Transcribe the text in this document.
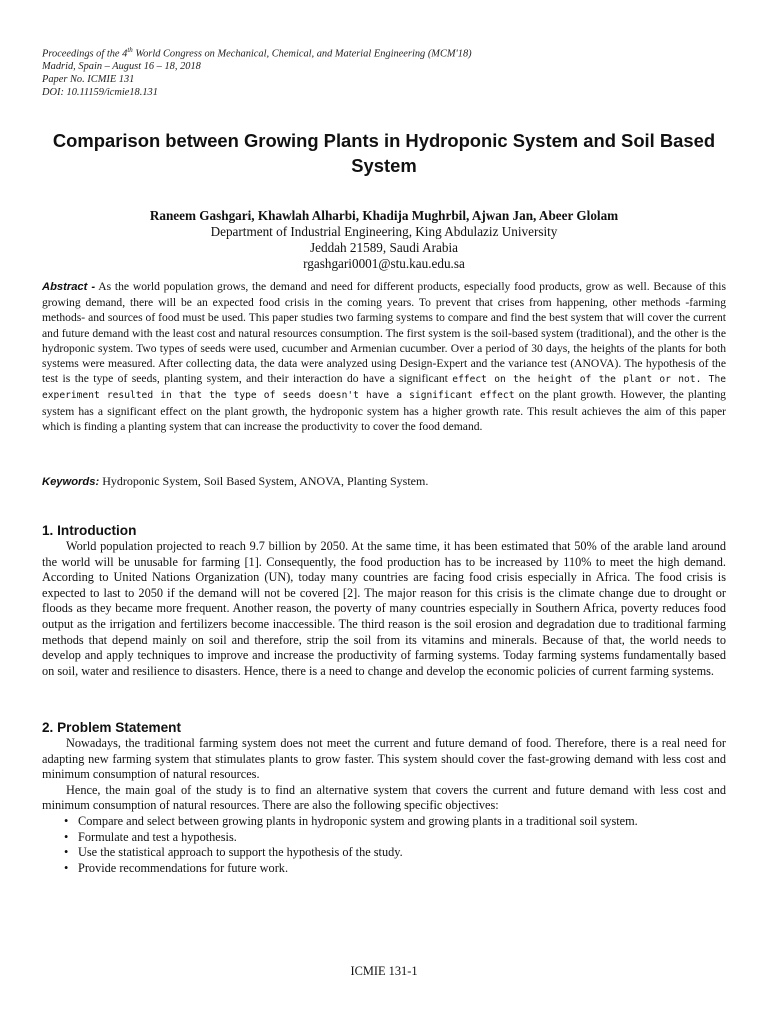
Proceedings of the 4th World Congress on Mechanical, Chemical, and Material Engineering (MCM'18)
Madrid, Spain – August 16 – 18, 2018
Paper No. ICMIE 131
DOI: 10.11159/icmie18.131
Comparison between Growing Plants in Hydroponic System and Soil Based System
Raneem Gashgari, Khawlah Alharbi, Khadija Mughrbil, Ajwan Jan, Abeer Glolam
Department of Industrial Engineering, King Abdulaziz University
Jeddah 21589, Saudi Arabia
rgashgari0001@stu.kau.edu.sa
Abstract - As the world population grows, the demand and need for different products, especially food products, grow as well. Because of this growing demand, there will be an expected food crisis in the coming years. To prevent that crises from happening, other methods -farming methods- and sources of food must be used. This paper studies two farming systems to compare and find the best system that will cover the current and future demand with the least cost and natural resources consumption. The first system is the soil-based system (traditional), and the other is the hydroponic system. Two types of seeds were used, cucumber and Armenian cucumber. Over a period of 30 days, the heights of the plants for both systems were measured. After collecting data, the data were analyzed using Design-Expert and the variance test (ANOVA). The hypothesis of the test is the type of seeds, planting system, and their interaction do have a significant effect on the height of the plant or not. The experiment resulted in that the type of seeds doesn't have a significant effect on the plant growth. However, the planting system has a significant effect on the plant growth, the hydroponic system has a higher growth rate. This result achieves the aim of this paper which is finding a planting system that can increase the productivity to cover the food demand.
Keywords: Hydroponic System, Soil Based System, ANOVA, Planting System.
1. Introduction

World population projected to reach 9.7 billion by 2050. At the same time, it has been estimated that 50% of the arable land around the world will be unusable for farming [1]. Consequently, the food production has to be increased by 110% to meet the high demand. According to United Nations Organization (UN), today many countries are facing food crisis especially in Africa. The food crisis is expected to last to 2050 if the demand will not be covered [2]. The major reason for this crisis is the climate change due to drought or floods as they became more frequent. Another reason, the poverty of many countries especially in Southern Africa, poverty reduces food output as the irrigation and fertilizers become inaccessible. The third reason is the soil erosion and degradation due to traditional farming methods that depend mainly on soil and therefore, strip the soil from its vitamins and minerals. Because of that, the world needs to develop and apply techniques to improve and increase the productivity of farming systems. Today farming systems fundamentally based on soil, water and resilience to disasters. Hence, there is a need to change and develop the economic policies of current farming systems.

2. Problem Statement

Nowadays, the traditional farming system does not meet the current and future demand of food. Therefore, there is a real need for adapting new farming system that stimulates plants to grow faster. This system should cover the fast-growing demand with less cost and minimum consumption of natural resources.

Hence, the main goal of the study is to find an alternative system that covers the current and future demand with less cost and minimum consumption of natural resources. There are also the following specific objectives:

• Compare and select between growing plants in hydroponic system and growing plants in a traditional soil system.
• Formulate and test a hypothesis.
• Use the statistical approach to support the hypothesis of the study.
• Provide recommendations for future work.
ICMIE 131-1
